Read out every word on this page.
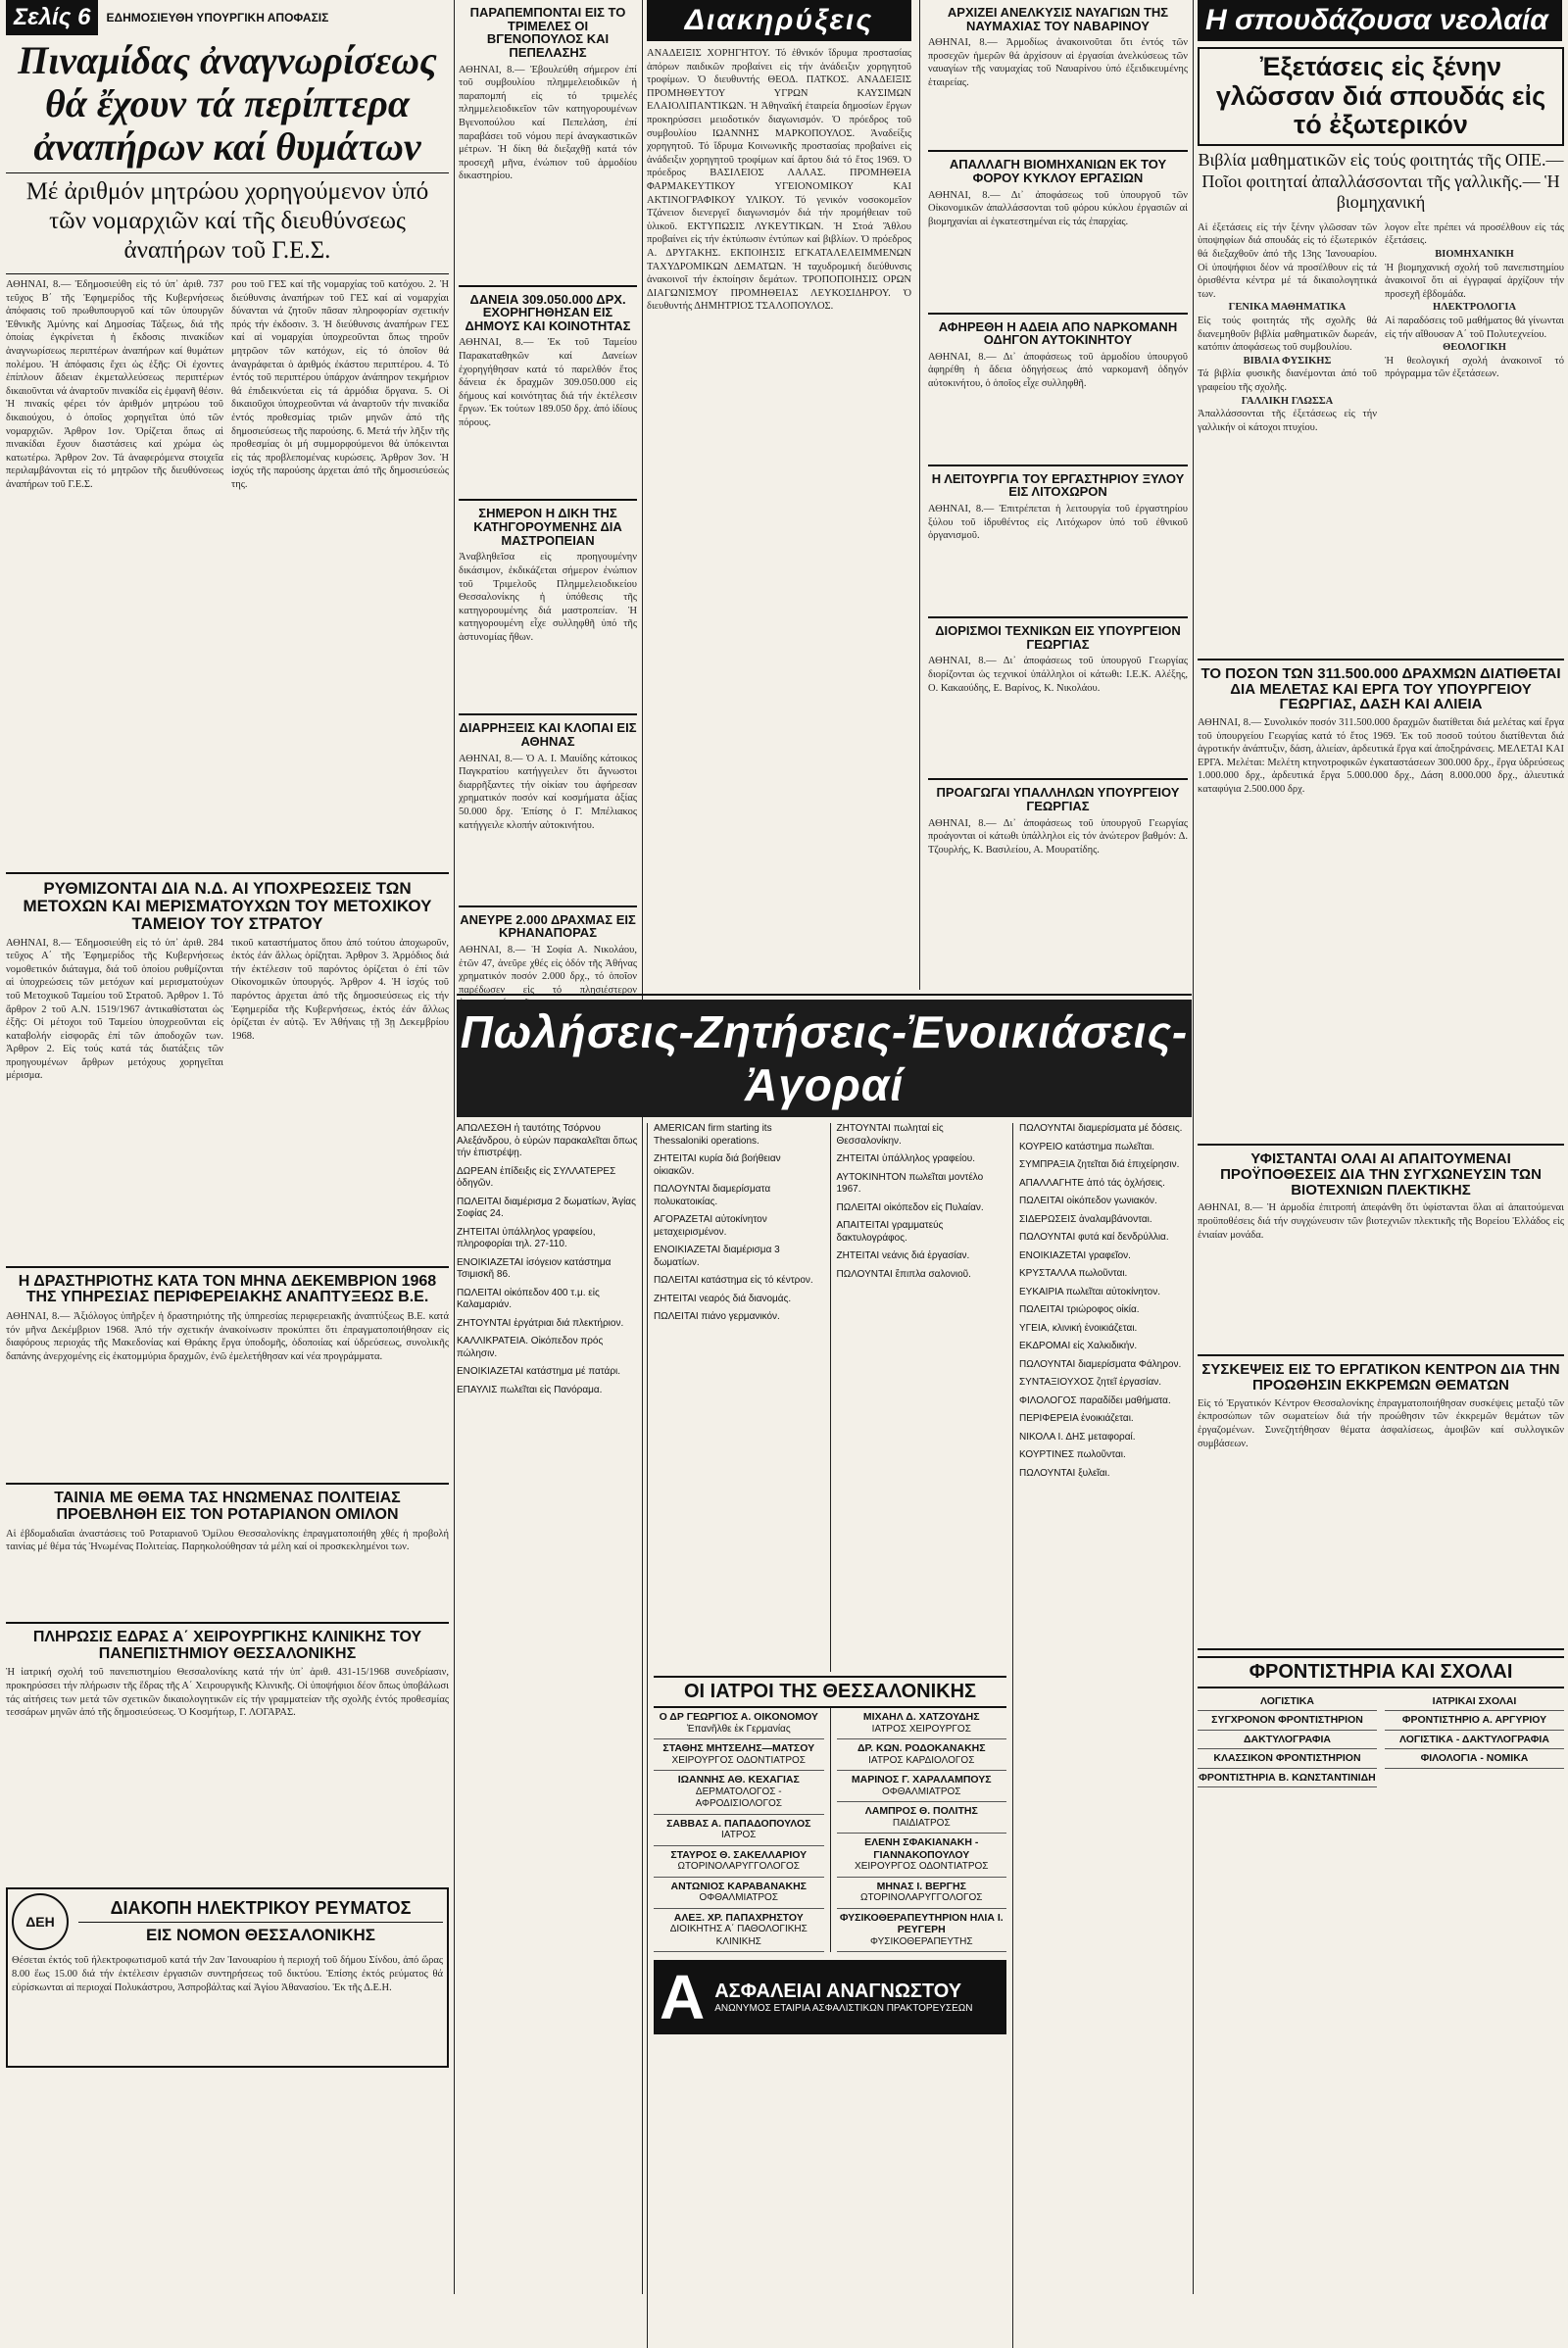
Σελίς 6	ΕΔΗΜΟΣΙΕΥΘΗ ΥΠΟΥΡΓΙΚΗ ΑΠΟΦΑΣΙΣ
Πιναμίδας ἀναγνωρίσεως θά ἔχουν τά περίπτερα ἀναπήρων καί θυμάτων
Μέ ἀριθμόν μητρώου χορηγούμενον ὑπό τῶν νομαρχιῶν καί τῆς διευθύνσεως ἀναπήρων τοῦ Γ.Ε.Σ.
ΑΘΗΝΑΙ, 8.— Ἐδημοσιεύθη εἰς τό ὑπ᾿ ἀριθ. 737 τεῦχος Β΄ τῆς Ἐφημερίδος τῆς Κυβερνήσεως ἀπόφασις τοῦ πρωθυπουργοῦ καί τῶν ὑπουργῶν Ἐθνικῆς Ἀμύνης καί Δημοσίας Τάξεως, διά τῆς ὁποίας ἐγκρίνεται ἡ ἔκδοσις πινακίδων ἀναγνωρίσεως περιπτέρων ἀναπήρων καί θυμάτων πολέμου. Ἡ ἀπόφασις ἔχει ὡς ἑξῆς: Οἱ ἐχοντες ἐπίπλουν ἄδειαν ἐκμεταλλεύσεως περιπτέρων δικαιοῦνται νά ἀναρτοῦν πινακίδα εἰς ἐμφανῆ θέσιν. Ἡ πινακίς φέρει τόν ἀριθμόν μητρώου τοῦ δικαιούχου, ὁ ὁποῖος χορηγεῖται ὑπό τῶν νομαρχιῶν. Ἀρθρον 1ον. Ὁρίζεται ὅπως αἱ πινακίδαι ἔχουν διαστάσεις καί χρώμα ὡς κατωτέρω. Ἀρθρον 2ον. Τά ἀναφερόμενα στοιχεῖα περιλαμβάνονται εἰς τό μητρῶον τῆς διευθύνσεως ἀναπήρων τοῦ Γ.Ε.Σ.
ρου τοῦ ΓΕΣ καί τῆς νομαρχίας τοῦ κατόχου. 2. Ἡ διεύθυνσις ἀναπήρων τοῦ ΓΕΣ καί αἱ νομαρχίαι δύνανται νά ζητοῦν πᾶσαν πληροφορίαν σχετικήν πρός τήν ἐκδοσιν. 3. Ἡ διεύθυνσις ἀναπήρων ΓΕΣ καί αἱ νομαρχίαι ὑποχρεοῦνται ὅπως τηροῦν μητρῶον τῶν κατόχων, εἰς τό ὁποῖον θά ἀναγράφεται ὁ ἀριθμός ἐκάστου περιπτέρου. 4. Τό ἐντός τοῦ περιπτέρου ὑπάρχον ἀνάπηρον τεκμήριον θά ἐπιδεικνύεται εἰς τά ἀρμόδια ὄργανα. 5. Οἱ δικαιοῦχοι ὑποχρεοῦνται νά ἀναρτοῦν τήν πινακίδα ἐντός προθεσμίας τριῶν μηνῶν ἀπό τῆς δημοσιεύσεως τῆς παρούσης. 6. Μετά τήν λῆξιν τῆς προθεσμίας ὁι μή συμμορφούμενοι θά ὑπόκεινται εἰς τάς προβλεπομένας κυρώσεις. Ἀρθρον 3ον. Ἡ ἰσχύς τῆς παρούσης ἀρχεται ἀπό τῆς δημοσιεύσεώς της.
ΡΥΘΜΙΖΟΝΤΑΙ ΔΙΑ Ν.Δ. ΑΙ ΥΠΟΧΡΕΩΣΕΙΣ ΤΩΝ ΜΕΤΟΧΩΝ ΚΑΙ ΜΕΡΙΣΜΑΤΟΥΧΩΝ ΤΟΥ ΜΕΤΟΧΙΚΟΥ ΤΑΜΕΙΟΥ ΤΟΥ ΣΤΡΑΤΟΥ
ΑΘΗΝΑΙ, 8.— Ἐδημοσιεύθη εἰς τό ὑπ᾿ ἀριθ. 284 τεῦχος Α΄ τῆς Ἐφημερίδος τῆς Κυβερνήσεως νομοθετικόν διάταγμα, διά τοῦ ὁποίου ρυθμίζονται αἱ ὑποχρεώσεις τῶν μετόχων καί μερισματούχων τοῦ Μετοχικοῦ Ταμείου τοῦ Στρατοῦ. Ἀρθρον 1. Τό ἄρθρον 2 τοῦ Α.Ν. 1519/1967 ἀντικαθίσταται ὡς ἑξῆς: Οἱ μέτοχοι τοῦ Ταμείου ὑποχρεοῦνται εἰς καταβολήν εἰσφορᾶς ἐπί τῶν ἀποδοχῶν των. Ἀρθρον 2. Εἰς τούς κατά τάς διατάξεις τῶν προηγουμένων ἄρθρων μετόχους χορηγεῖται μέρισμα.
τικοῦ καταστήματος ὅπου ἀπό τούτου ἀποχωροῦν, ἐκτός ἐάν ἄλλως ὁρίζηται. Ἀρθρον 3. Ἀρμόδιος διά τήν ἐκτέλεσιν τοῦ παρόντος ὁρίζεται ὁ ἐπί τῶν Οἰκονομικῶν ὑπουργός. Ἀρθρον 4. Ἡ ἰσχύς τοῦ παρόντος ἀρχεται ἀπό τῆς δημοσιεύσεως εἰς τήν Ἐφημερίδα τῆς Κυβερνήσεως, ἐκτός ἐάν ἄλλως ὁρίζεται ἐν αὐτῷ. Ἐν Ἀθήναις τῇ 3ῃ Δεκεμβρίου 1968.
Η ΔΡΑΣΤΗΡΙΟΤΗΣ ΚΑΤΑ ΤΟΝ ΜΗΝΑ ΔΕΚΕΜΒΡΙΟΝ 1968 ΤΗΣ ΥΠΗΡΕΣΙΑΣ ΠΕΡΙΦΕΡΕΙΑΚΗΣ ΑΝΑΠΤΥΞΕΩΣ Β.Ε.
ΑΘΗΝΑΙ, 8.— Ἀξιόλογος ὑπῆρξεν ἡ δραστηριότης τῆς ὑπηρεσίας περιφερειακῆς ἀναπτύξεως Β.Ε. κατά τόν μῆνα Δεκέμβριον 1968. Ἀπό τήν σχετικήν ἀνακοίνωσιν προκύπτει ὅτι ἐπραγματοποιήθησαν εἰς διαφόρους περιοχάς τῆς Μακεδονίας καί Θράκης ἔργα ὑποδομῆς, ὁδοποιίας καί ὑδρεύσεως, συνολικῆς δαπάνης ἀνερχομένης εἰς ἑκατομμύρια δραχμῶν, ἐνῶ ἐμελετήθησαν καί νέα προγράμματα.
ΤΑΙΝΙΑ ΜΕ ΘΕΜΑ ΤΑΣ ΗΝΩΜΕΝΑΣ ΠΟΛΙΤΕΙΑΣ ΠΡΟΕΒΛΗΘΗ ΕΙΣ ΤΟΝ ΡΟΤΑΡΙΑΝΟΝ ΟΜΙΛΟΝ
Αἱ ἑβδομαδιαῖαι ἀναστάσεις τοῦ Ροταριανοῦ Ὁμίλου Θεσσαλονίκης ἐπραγματοποιήθη χθές ἡ προβολή ταινίας μέ θέμα τάς Ἡνωμένας Πολιτείας. Παρηκολούθησαν τά μέλη καί οἱ προσκεκλημένοι των.
ΠΛΗΡΩΣΙΣ ΕΔΡΑΣ Α΄ ΧΕΙΡΟΥΡΓΙΚΗΣ ΚΛΙΝΙΚΗΣ ΤΟΥ ΠΑΝΕΠΙΣΤΗΜΙΟΥ ΘΕΣΣΑΛΟΝΙΚΗΣ
Ἡ ἰατρική σχολή τοῦ πανεπιστημίου Θεσσαλονίκης κατά τήν ὑπ᾿ ἀριθ. 431-15/1968 συνεδρίασιν, προκηρύσσει τήν πλήρωσιν τῆς ἕδρας τῆς Α΄ Χειρουργικῆς Κλινικῆς. Οἱ ὑποψήφιοι δέον ὅπως ὑποβάλωσι τάς αἰτήσεις των μετά τῶν σχετικῶν δικαιολογητικῶν εἰς τήν γραμματείαν τῆς σχολῆς ἐντός προθεσμίας τεσσάρων μηνῶν ἀπό τῆς δημοσιεύσεως. Ὁ Κοσμήτωρ, Γ. ΛΟΓΑΡΑΣ.
ΔΕΗ
ΔΙΑΚΟΠΗ ΗΛΕΚΤΡΙΚΟΥ ΡΕΥΜΑΤΟΣ
ΕΙΣ ΝΟΜΟΝ ΘΕΣΣΑΛΟΝΙΚΗΣ
Θέσεται ἐκτός τοῦ ἠλεκτροφωτισμοῦ κατά τήν 2αν Ἰανουαρίου ἡ περιοχή τοῦ δήμου Σίνδου, ἀπό ὥρας 8.00 ἕως 15.00 διά τήν ἐκτέλεσιν ἐργασιῶν συντηρήσεως τοῦ δικτύου. Ἐπίσης ἐκτός ρεύματος θά εὑρίσκωνται αἱ περιοχαί Πολυκάστρου, Ἀσπροβάλτας καί Ἁγίου Ἀθανασίου. Ἐκ τῆς Δ.Ε.Η.
ΠΑΡΑΠΕΜΠΟΝΤΑΙ ΕΙΣ ΤΟ ΤΡΙΜΕΛΕΣ ΟΙ ΒΓΕΝΟΠΟΥΛΟΣ ΚΑΙ ΠΕΠΕΛΑΣΗΣ
ΑΘΗΝΑΙ, 8.— Ἐβουλεύθη σήμερον ἐπί τοῦ συμβουλίου πλημμελειοδικῶν ἡ παραπομπή εἰς τό τριμελές πλημμελειοδικεῖον τῶν κατηγορουμένων Βγενοπούλου καί Πεπελάση, ἐπί παραβάσει τοῦ νόμου περί ἀναγκαστικῶν μέτρων. Ἡ δίκη θά διεξαχθῇ κατά τόν προσεχῆ μῆνα, ἐνώπιον τοῦ ἁρμοδίου δικαστηρίου.
ΔΑΝΕΙΑ 309.050.000 ΔΡΧ. ΕΧΟΡΗΓΗΘΗΣΑΝ ΕΙΣ ΔΗΜΟΥΣ ΚΑΙ ΚΟΙΝΟΤΗΤΑΣ
ΑΘΗΝΑΙ, 8.— Ἐκ τοῦ Ταμείου Παρακαταθηκῶν καί Δανείων ἐχορηγήθησαν κατά τό παρελθόν ἔτος δάνεια ἐκ δραχμῶν 309.050.000 εἰς δήμους καί κοινότητας διά τήν ἐκτέλεσιν ἔργων. Ἐκ τούτων 189.050 δρχ. ἀπό ἰδίους πόρους.
ΣΗΜΕΡΟΝ Η ΔΙΚΗ ΤΗΣ ΚΑΤΗΓΟΡΟΥΜΕΝΗΣ ΔΙΑ ΜΑΣΤΡΟΠΕΙΑΝ
Ἀναβληθεῖσα εἰς προηγουμένην δικάσιμον, ἐκδικάζεται σήμερον ἐνώπιον τοῦ Τριμελοῦς Πλημμελειοδικείου Θεσσαλονίκης ἡ ὑπόθεσις τῆς κατηγορουμένης διά μαστροπείαν. Ἡ κατηγορουμένη εἶχε συλληφθῆ ὑπό τῆς ἀστυνομίας ἤθων.
ΔΙΑΡΡΗΞΕΙΣ ΚΑΙ ΚΛΟΠΑΙ ΕΙΣ ΑΘΗΝΑΣ
ΑΘΗΝΑΙ, 8.— Ὁ Α. Ι. Μαυίδης κάτοικος Παγκρατίου κατήγγειλεν ὅτι ἄγνωστοι διαρρῆξαντες τήν οἰκίαν του ἀφήρεσαν χρηματικόν ποσόν καί κοσμήματα ἀξίας 50.000 δρχ. Ἐπίσης ὁ Γ. Μπέλιακος κατήγγειλε κλοπήν αὐτοκινήτου.
ΑΝΕΥΡΕ 2.000 ΔΡΑΧΜΑΣ ΕΙΣ ΚΡΗΑΝΑΠΟΡΑΣ
ΑΘΗΝΑΙ, 8.— Ἡ Σοφία Α. Νικολάου, ἐτῶν 47, ἀνεῦρε χθές εἰς ὁδόν τῆς Ἀθήνας χρηματικόν ποσόν 2.000 δρχ., τό ὁποῖον παρέδωσεν εἰς τό πλησιέστερον
Διακηρύξεις
ΑΝΑΔΕΙΞΙΣ ΧΟΡΗΓΗΤΟΥ. Τό ἐθνικόν ἵδρυμα προστασίας ἀπόρων παιδικῶν προβαίνει εἰς τήν ἀνάδειξιν χορηγητοῦ τροφίμων. Ὁ διευθυντής ΘΕΟΔ. ΠΑΤΚΟΣ. ΑΝΑΔΕΙΞΙΣ ΠΡΟΜΗΘΕΥΤΟΥ ΥΓΡΩΝ ΚΑΥΣΙΜΩΝ ΕΛΑΙΟΛΙΠΑΝΤΙΚΩΝ. Ἡ Ἀθηναϊκή ἑταιρεία δημοσίων ἔργων προκηρύσσει μειοδοτικόν διαγωνισμόν. Ὁ πρόεδρος τοῦ συμβουλίου ΙΩΑΝΝΗΣ ΜΑΡΚΟΠΟΥΛΟΣ. Ἀναδείξις χορηγητοῦ. Τό ἵδρυμα Κοινωνικῆς προστασίας προβαίνει εἰς ἀνάδειξιν χορηγητοῦ τροφίμων καί ἄρτου διά τό ἔτος 1969. Ὁ πρόεδρος ΒΑΣΙΛΕΙΟΣ ΛΑΛΑΣ. ΠΡΟΜΗΘΕΙΑ ΦΑΡΜΑΚΕΥΤΙΚΟΥ ΥΓΕΙΟΝΟΜΙΚΟΥ ΚΑΙ ΑΚΤΙΝΟΓΡΑΦΙΚΟΥ ΥΛΙΚΟΥ. Τό γενικόν νοσοκομεῖον Τζάνειον διενεργεῖ διαγωνισμόν διά τήν προμήθειαν τοῦ ὑλικοῦ. ΕΚΤΥΠΩΣΙΣ ΛΥΚΕΥΤΙΚΩΝ. Ἡ Στοά Ἄθλου προβαίνει εἰς τήν ἐκτύπωσιν ἐντύπων καί βιβλίων. Ὁ πρόεδρος Α. ΔΡΥΓΑΚΗΣ. ΕΚΠΟΙΗΣΙΣ ΕΓΚΑΤΑΛΕΛΕΙΜΜΕΝΩΝ ΤΑΧΥΔΡΟΜΙΚΩΝ ΔΕΜΑΤΩΝ. Ἡ ταχυδρομική διεύθυνσις ἀνακοινοῖ τήν ἐκποίησιν δεμάτων. ΤΡΟΠΟΠΟΙΗΣΙΣ ΟΡΩΝ ΔΙΑΓΩΝΙΣΜΟΥ ΠΡΟΜΗΘΕΙΑΣ ΛΕΥΚΟΣΙΔΗΡΟΥ. Ὁ διευθυντής ΔΗΜΗΤΡΙΟΣ ΤΣΑΛΟΠΟΥΛΟΣ.
ΑΡΧΙΖΕΙ ΑΝΕΛΚΥΣΙΣ ΝΑΥΑΓΙΩΝ ΤΗΣ ΝΑΥΜΑΧΙΑΣ ΤΟΥ ΝΑΒΑΡΙΝΟΥ
ΑΘΗΝΑΙ, 8.— Ἀρμοδίως ἀνακοινοῦται ὅτι ἐντός τῶν προσεχῶν ἡμερῶν θά ἀρχίσουν αἱ ἐργασίαι ἀνελκύσεως τῶν ναυαγίων τῆς ναυμαχίας τοῦ Ναυαρίνου ὑπό ἐξειδικευμένης ἑταιρείας.
ΑΠΑΛΛΑΓΗ ΒΙΟΜΗΧΑΝΙΩΝ ΕΚ ΤΟΥ ΦΟΡΟΥ ΚΥΚΛΟΥ ΕΡΓΑΣΙΩΝ
ΑΘΗΝΑΙ, 8.— Δι᾿ ἀποφάσεως τοῦ ὑπουργοῦ τῶν Οἰκονομικῶν ἀπαλλάσσονται τοῦ φόρου κύκλου ἐργασιῶν αἱ βιομηχανίαι αἱ ἐγκατεστημέναι εἰς τάς ἐπαρχίας.
ΑΦΗΡΕΘΗ Η ΑΔΕΙΑ ΑΠΟ ΝΑΡΚΟΜΑΝΗ ΟΔΗΓΟΝ ΑΥΤΟΚΙΝΗΤΟΥ
ΑΘΗΝΑΙ, 8.— Δι᾿ ἀποφάσεως τοῦ ἁρμοδίου ὑπουργοῦ ἀφηρέθη ἡ ἄδεια ὁδηγήσεως ἀπό ναρκομανῆ ὁδηγόν αὐτοκινήτου, ὁ ὁποῖος εἶχε συλληφθῆ.
Η ΛΕΙΤΟΥΡΓΙΑ ΤΟΥ ΕΡΓΑΣΤΗΡΙΟΥ ΞΥΛΟΥ ΕΙΣ ΛΙΤΟΧΩΡΟΝ
ΑΘΗΝΑΙ, 8.— Ἐπιτρέπεται ἡ λειτουργία τοῦ ἐργαστηρίου ξύλου τοῦ ἱδρυθέντος εἰς Λιτόχωρον ὑπό τοῦ ἐθνικοῦ ὀργανισμοῦ.
ΔΙΟΡΙΣΜΟΙ ΤΕΧΝΙΚΩΝ ΕΙΣ ΥΠΟΥΡΓΕΙΟΝ ΓΕΩΡΓΙΑΣ
ΑΘΗΝΑΙ, 8.— Δι᾿ ἀποφάσεως τοῦ ὑπουργοῦ Γεωργίας διορίζονται ὡς τεχνικοί ὑπάλληλοι οἱ κάτωθι: Ι.Ε.Κ. Αλέξης, Ο. Κακαούδης, Ε. Βαρίνος, Κ. Νικολάου.
ΠΡΟΑΓΩΓΑΙ ΥΠΑΛΛΗΛΩΝ ΥΠΟΥΡΓΕΙΟΥ ΓΕΩΡΓΙΑΣ
ΑΘΗΝΑΙ, 8.— Δι᾿ ἀποφάσεως τοῦ ὑπουργοῦ Γεωργίας προάγονται οἱ κάτωθι ὑπάλληλοι εἰς τόν ἀνώτερον βαθμόν: Δ. Τζουρλής, Κ. Βασιλείου, Α. Μουρατίδης.
Πωλήσεις-Ζητήσεις-Ἐνοικιάσεις-Ἀγοραί

ΑΠΩΛΕΣΘΗ ἡ ταυτότης Τσόρνου Αλεξάνδρου, ὁ εὑρών παρακαλεῖται ὅπως τήν ἐπιστρέψῃ.

ΔΩΡΕΑΝ ἐπίδειξις εἰς ΣΥΛΛΑΤΕΡΕΣ ὁδηγῶν.

ΠΩΛΕΙΤΑΙ διαμέρισμα 2 δωματίων, Ἀγίας Σοφίας 24.

ΖΗΤΕΙΤΑΙ ὑπάλληλος γραφείου, πληροφορίαι τηλ. 27-110.

ΕΝΟΙΚΙΑΖΕΤΑΙ ἰσόγειον κατάστημα Τσιμισκῆ 86.

ΠΩΛΕΙΤΑΙ οἰκόπεδον 400 τ.μ. εἰς Καλαμαριάν.

ΖΗΤΟΥΝΤΑΙ ἐργάτριαι διά πλεκτήριον.

ΚΑΛΛΙΚΡΑΤΕΙΑ. Οἰκόπεδον πρός πώλησιν.

ΕΝΟΙΚΙΑΖΕΤΑΙ κατάστημα μέ πατάρι.

ΕΠΑΥΛΙΣ πωλεῖται εἰς Πανόραμα.

AMERICAN firm starting its Thessaloniki operations.

ΖΗΤΕΙΤΑΙ κυρία διά βοήθειαν οἰκιακῶν.

ΠΩΛΟΥΝΤΑΙ διαμερίσματα πολυκατοικίας.

ΑΓΟΡΑΖΕΤΑΙ αὐτοκίνητον μεταχειρισμένον.

ΕΝΟΙΚΙΑΖΕΤΑΙ διαμέρισμα 3 δωματίων.

ΠΩΛΕΙΤΑΙ κατάστημα εἰς τό κέντρον.

ΖΗΤΕΙΤΑΙ νεαρός διά διανομάς.

ΠΩΛΕΙΤΑΙ πιάνο γερμανικόν.

ΖΗΤΟΥΝΤΑΙ πωληταί εἰς Θεσσαλονίκην.

ΖΗΤΕΙΤΑΙ ὑπάλληλος γραφείου.

ΑΥΤΟΚΙΝΗΤΟΝ πωλεῖται μοντέλο 1967.

ΠΩΛΕΙΤΑΙ οἰκόπεδον εἰς Πυλαίαν.

ΑΠΑΙΤΕΙΤΑΙ γραμματεύς δακτυλογράφος.

ΖΗΤΕΙΤΑΙ νεάνις διά ἐργασίαν.

ΠΩΛΟΥΝΤΑΙ ἔπιπλα σαλονιοῦ.

ΟΙ ΙΑΤΡΟΙ ΤΗΣ ΘΕΣΣΑΛΟΝΙΚΗΣ
Ο ΔΡ ΓΕΩΡΓΙΟΣ Α. ΟΙΚΟΝΟΜΟΥ
Ἐπανῆλθε ἐκ Γερμανίας
ΣΤΑΘΗΣ ΜΗΤΣΕΛΗΣ—ΜΑΤΣΟΥ
ΧΕΙΡΟΥΡΓΟΣ ΟΔΟΝΤΙΑΤΡΟΣ
ΙΩΑΝΝΗΣ ΑΘ. ΚΕΧΑΓΙΑΣ
ΔΕΡΜΑΤΟΛΟΓΟΣ - ΑΦΡΟΔΙΣΙΟΛΟΓΟΣ
ΣΑΒΒΑΣ Α. ΠΑΠΑΔΟΠΟΥΛΟΣ
ΙΑΤΡΟΣ
ΣΤΑΥΡΟΣ Θ. ΣΑΚΕΛΛΑΡΙΟΥ
ΩΤΟΡΙΝΟΛΑΡΥΓΓΟΛΟΓΟΣ
ΑΝΤΩΝΙΟΣ ΚΑΡΑΒΑΝΑΚΗΣ
ΟΦΘΑΛΜΙΑΤΡΟΣ
ΑΛΕΞ. ΧΡ. ΠΑΠΑΧΡΗΣΤΟΥ
ΔΙΟΙΚΗΤΗΣ Α΄ ΠΑΘΟΛΟΓΙΚΗΣ ΚΛΙΝΙΚΗΣ
ΜΙΧΑΗΛ Δ. ΧΑΤΖΟΥΔΗΣ
ΙΑΤΡΟΣ ΧΕΙΡΟΥΡΓΟΣ
ΔΡ. ΚΩΝ. ΡΟΔΟΚΑΝΑΚΗΣ
ΙΑΤΡΟΣ ΚΑΡΔΙΟΛΟΓΟΣ
ΜΑΡΙΝΟΣ Γ. ΧΑΡΑΛΑΜΠΟΥΣ
ΟΦΘΑΛΜΙΑΤΡΟΣ
ΛΑΜΠΡΟΣ Θ. ΠΟΛΙΤΗΣ
ΠΑΙΔΙΑΤΡΟΣ
ΕΛΕΝΗ ΣΦΑΚΙΑΝΑΚΗ - ΓΙΑΝΝΑΚΟΠΟΥΛΟΥ
ΧΕΙΡΟΥΡΓΟΣ ΟΔΟΝΤΙΑΤΡΟΣ
ΜΗΝΑΣ Ι. ΒΕΡΓΗΣ
ΩΤΟΡΙΝΟΛΑΡΥΓΓΟΛΟΓΟΣ
ΦΥΣΙΚΟΘΕΡΑΠΕΥΤΗΡΙΟΝ ΗΛΙΑ Ι. ΡΕΥΓΕΡΗ
ΦΥΣΙΚΟΘΕΡΑΠΕΥΤΗΣ
Α ΑΣΦΑΛΕΙΑΙ ΑΝΑΓΝΩΣΤΟΥ
ΑΝΩΝΥΜΟΣ ΕΤΑΙΡΙΑ ΑΣΦΑΛΙΣΤΙΚΩΝ ΠΡΑΚΤΟΡΕΥΣΕΩΝ

ΠΩΛΟΥΝΤΑΙ διαμερίσματα μέ δόσεις.

ΚΟΥΡΕΙΟ κατάστημα πωλεῖται.

ΣΥΜΠΡΑΞΙΑ ζητεῖται διά ἐπιχείρησιν.

ΑΠΑΛΛΑΓΗΤΕ ἀπό τάς ὀχλήσεις.

ΠΩΛΕΙΤΑΙ οἰκόπεδον γωνιακόν.

ΣΙΔΕΡΩΣΕΙΣ ἀναλαμβάνονται.

ΠΩΛΟΥΝΤΑΙ φυτά καί δενδρύλλια.

ΕΝΟΙΚΙΑΖΕΤΑΙ γραφεῖον.

ΚΡΥΣΤΑΛΛΑ πωλοῦνται.

ΕΥΚΑΙΡΙΑ πωλεῖται αὐτοκίνητον.

ΠΩΛΕΙΤΑΙ τριώροφος οἰκία.

ΥΓΕΙΑ, κλινική ἐνοικιάζεται.

ΕΚΔΡΟΜΑΙ εἰς Χαλκιδικήν.

ΠΩΛΟΥΝΤΑΙ διαμερίσματα Φάληρον.

ΣΥΝΤΑΞΙΟΥΧΟΣ ζητεῖ ἐργασίαν.

ΦΙΛΟΛΟΓΟΣ παραδίδει μαθήματα.

ΠΕΡΙΦΕΡΕΙΑ ἐνοικιάζεται.

ΝΙΚΟΛΑ Ι. ΔΗΣ μεταφοραί.

ΚΟΥΡΤΙΝΕΣ πωλοῦνται.

ΠΩΛΟΥΝΤΑΙ ξυλεῖαι.

Η σπουδάζουσα νεολαία
Ἐξετάσεις εἰς ξένην γλῶσσαν διά σπουδάς εἰς τό ἐξωτερικόν
Βιβλία μαθηματικῶν εἰς τούς φοιτητάς τῆς ΟΠΕ.— Ποῖοι φοιτηταί ἀπαλλάσσονται τῆς γαλλικῆς.— Ἡ βιομηχανική
Αἱ ἐξετάσεις εἰς τήν ξένην γλῶσσαν τῶν ὑποψηφίων διά σπουδάς εἰς τό ἐξωτερικόν θά διεξαχθοῦν ἀπό τῆς 13ης Ἰανουαρίου. Οἱ ὑποψήφιοι δέον νά προσέλθουν εἰς τά ὁρισθέντα κέντρα μέ τά δικαιολογητικά των.
ΓΕΝΙΚΑ ΜΑΘΗΜΑΤΙΚΑ
Εἰς τούς φοιτητάς τῆς σχολῆς θά διανεμηθοῦν βιβλία μαθηματικῶν δωρεάν, κατόπιν ἀποφάσεως τοῦ συμβουλίου.
ΒΙΒΛΙΑ ΦΥΣΙΚΗΣ
Τά βιβλία φυσικῆς διανέμονται ἀπό τοῦ γραφείου τῆς σχολῆς.
ΓΑΛΛΙΚΗ ΓΛΩΣΣΑ
Ἀπαλλάσσονται τῆς ἐξετάσεως εἰς τήν γαλλικήν οἱ κάτοχοι πτυχίου.
λογον εἶτε πρέπει νά προσέλθουν εἰς τάς ἐξετάσεις.
ΒΙΟΜΗΧΑΝΙΚΗ
Ἡ βιομηχανική σχολή τοῦ πανεπιστημίου ἀνακοινοῖ ὅτι αἱ ἐγγραφαί ἀρχίζουν τήν προσεχῆ ἑβδομάδα.
ΗΛΕΚΤΡΟΛΟΓΙΑ
Αἱ παραδόσεις τοῦ μαθήματος θά γίνωνται εἰς τήν αἴθουσαν Α΄ τοῦ Πολυτεχνείου.
ΘΕΟΛΟΓΙΚΗ
Ἡ θεολογική σχολή ἀνακοινοῖ τό πρόγραμμα τῶν ἐξετάσεων.
ΤΟ ΠΟΣΟΝ ΤΩΝ 311.500.000 ΔΡΑΧΜΩΝ ΔΙΑΤΙΘΕΤΑΙ ΔΙΑ ΜΕΛΕΤΑΣ ΚΑΙ ΕΡΓΑ ΤΟΥ ΥΠΟΥΡΓΕΙΟΥ ΓΕΩΡΓΙΑΣ, ΔΑΣΗ ΚΑΙ ΑΛΙΕΙΑ
ΑΘΗΝΑΙ, 8.— Συνολικόν ποσόν 311.500.000 δραχμῶν διατίθεται διά μελέτας καί ἔργα τοῦ ὑπουργείου Γεωργίας κατά τό ἔτος 1969. Ἐκ τοῦ ποσοῦ τούτου διατίθενται διά ἀγροτικήν ἀνάπτυξιν, δάση, ἁλιείαν, ἀρδευτικά ἔργα καί ἀποξηράνσεις. ΜΕΛΕΤΑΙ ΚΑΙ ΕΡΓΑ. Μελέται: Μελέτη κτηνοτροφικῶν ἐγκαταστάσεων 300.000 δρχ., ἔργα ὑδρεύσεως 1.000.000 δρχ., ἀρδευτικά ἔργα 5.000.000 δρχ., Δάση 8.000.000 δρχ., ἀλιευτικά καταφύγια 2.500.000 δρχ.
ΥΦΙΣΤΑΝΤΑΙ ΟΛΑΙ ΑΙ ΑΠΑΙΤΟΥΜΕΝΑΙ ΠΡΟΫΠΟΘΕΣΕΙΣ ΔΙΑ ΤΗΝ ΣΥΓΧΩΝΕΥΣΙΝ ΤΩΝ ΒΙΟΤΕΧΝΙΩΝ ΠΛΕΚΤΙΚΗΣ
ΑΘΗΝΑΙ, 8.— Ἡ ἀρμοδία ἐπιτροπή ἀπεφάνθη ὅτι ὑφίστανται ὅλαι αἱ ἀπαιτούμεναι προϋποθέσεις διά τήν συγχώνευσιν τῶν βιοτεχνιῶν πλεκτικῆς τῆς Βορείου Ἑλλάδος εἰς ἑνιαίαν μονάδα.
ΣΥΣΚΕΨΕΙΣ ΕΙΣ ΤΟ ΕΡΓΑΤΙΚΟΝ ΚΕΝΤΡΟΝ ΔΙΑ ΤΗΝ ΠΡΟΩΘΗΣΙΝ ΕΚΚΡΕΜΩΝ ΘΕΜΑΤΩΝ
Εἰς τό Ἐργατικόν Κέντρον Θεσσαλονίκης ἐπραγματοποιήθησαν συσκέψεις μεταξύ τῶν ἐκπροσώπων τῶν σωματείων διά τήν προώθησιν τῶν ἐκκρεμῶν θεμάτων τῶν ἐργαζομένων. Συνεζητήθησαν θέματα ἀσφαλίσεως, ἀμοιβῶν καί συλλογικῶν συμβάσεων.
ΦΡΟΝΤΙΣΤΗΡΙΑ ΚΑΙ ΣΧΟΛΑΙ
ΛΟΓΙΣΤΙΚΑ
ΣΥΓΧΡΟΝΟΝ ΦΡΟΝΤΙΣΤΗΡΙΟΝ
ΔΑΚΤΥΛΟΓΡΑΦΙΑ
ΚΛΑΣΣΙΚΟΝ ΦΡΟΝΤΙΣΤΗΡΙΟΝ
ΦΡΟΝΤΙΣΤΗΡΙΑ Β. ΚΩΝΣΤΑΝΤΙΝΙΔΗ
ΙΑΤΡΙΚΑΙ ΣΧΟΛΑΙ
ΦΡΟΝΤΙΣΤΗΡΙΟ Α. ΑΡΓΥΡΙΟΥ
ΛΟΓΙΣΤΙΚΑ - ΔΑΚΤΥΛΟΓΡΑΦΙΑ
ΦΙΛΟΛΟΓΙΑ - ΝΟΜΙΚΑ
